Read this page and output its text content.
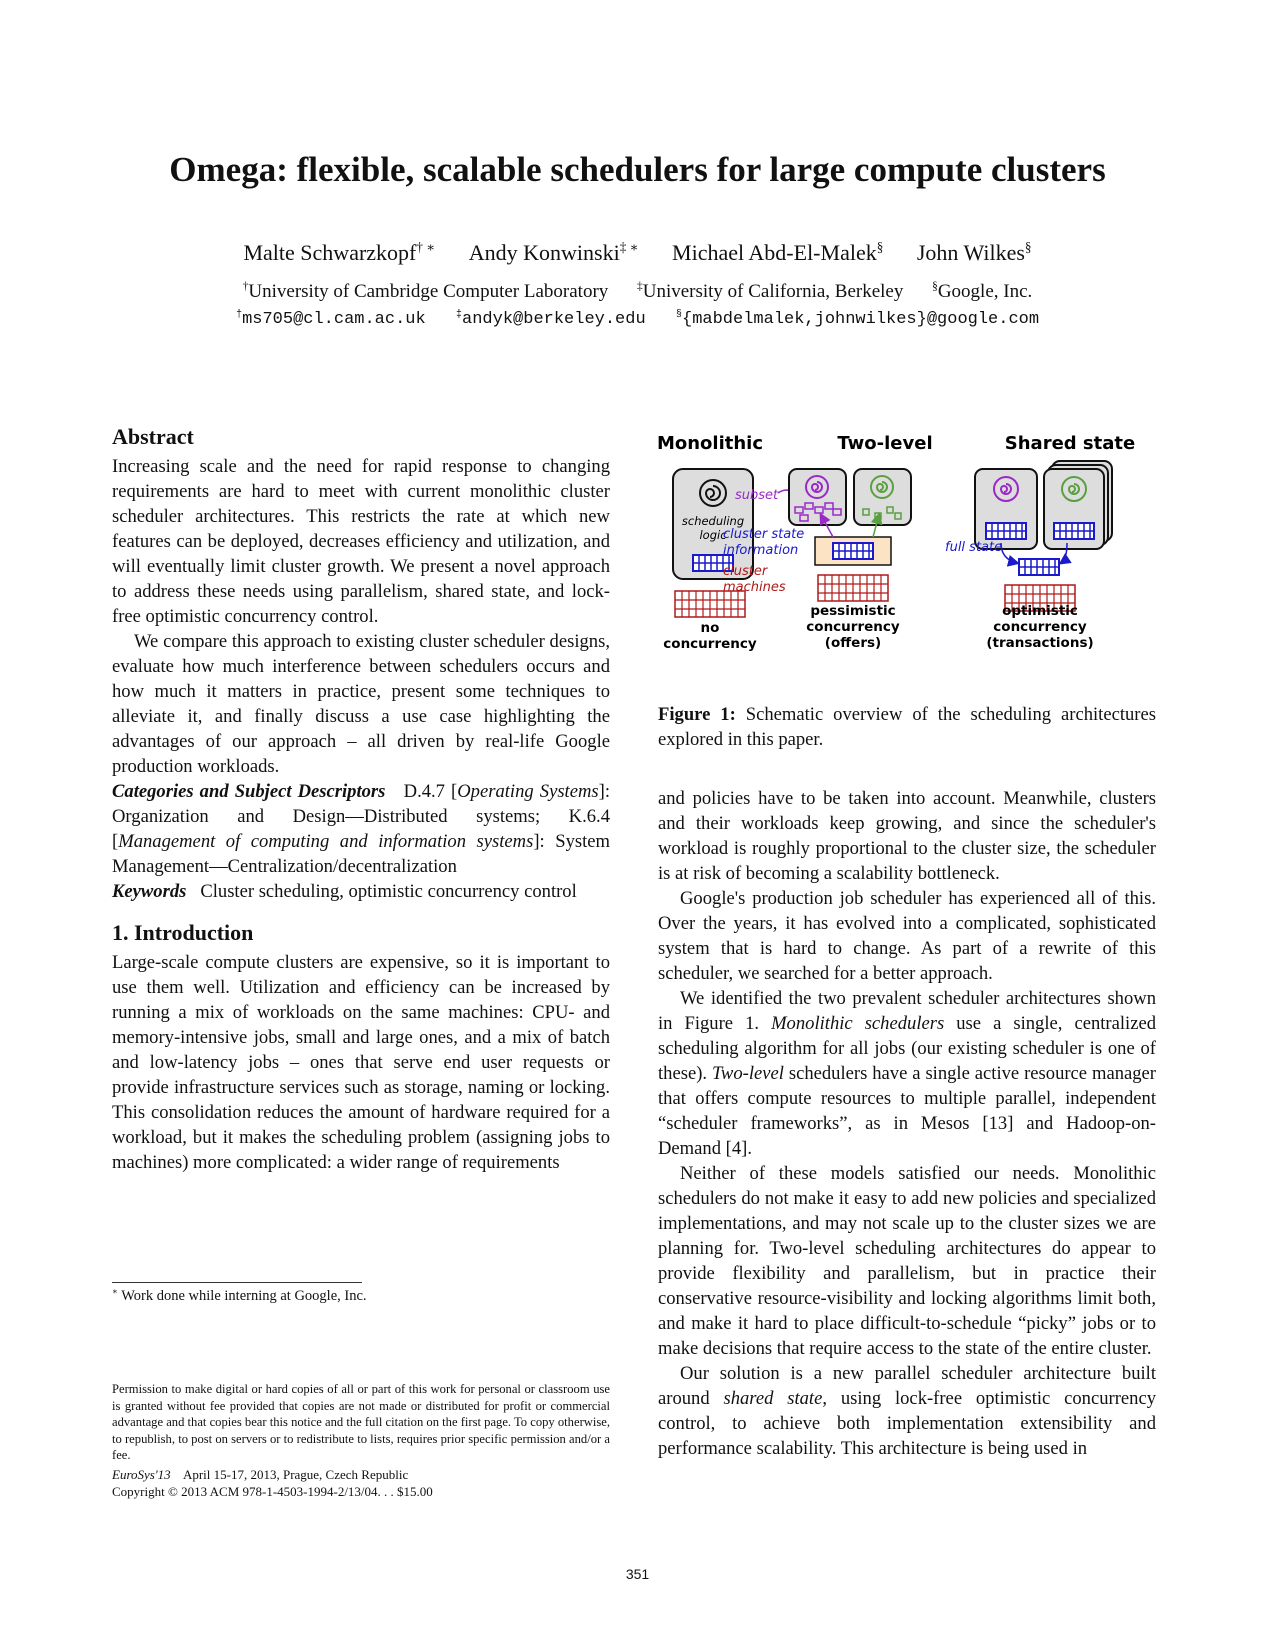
Omega: flexible, scalable schedulers for large compute clusters
Malte Schwarzkopf† ∗ Andy Konwinski‡ ∗ Michael Abd-El-Malek§ John Wilkes§
†University of Cambridge Computer Laboratory	‡University of California, Berkeley	§Google, Inc.
†ms705@cl.cam.ac.uk	‡andyk@berkeley.edu	§{mabdelmalek,johnwilkes}@google.com
Abstract

Increasing scale and the need for rapid response to changing requirements are hard to meet with current monolithic cluster scheduler architectures. This restricts the rate at which new features can be deployed, decreases efficiency and utilization, and will eventually limit cluster growth. We present a novel approach to address these needs using parallelism, shared state, and lock-free optimistic concurrency control.

We compare this approach to existing cluster scheduler designs, evaluate how much interference between schedulers occurs and how much it matters in practice, present some techniques to alleviate it, and finally discuss a use case highlighting the advantages of our approach – all driven by real-life Google production workloads.

Categories and Subject Descriptors D.4.7 [Operating Systems]: Organization and Design—Distributed systems; K.6.4 [Management of computing and information systems]: System Management—Centralization/decentralization

Keywords Cluster scheduling, optimistic concurrency control

1. Introduction

Large-scale compute clusters are expensive, so it is important to use them well. Utilization and efficiency can be increased by running a mix of workloads on the same machines: CPU- and memory-intensive jobs, small and large ones, and a mix of batch and low-latency jobs – ones that serve end user requests or provide infrastructure services such as storage, naming or locking. This consolidation reduces the amount of hardware required for a workload, but it makes the scheduling problem (assigning jobs to machines) more complicated: a wider range of requirements

∗ Work done while interning at Google, Inc.
Permission to make digital or hard copies of all or part of this work for personal or classroom use is granted without fee provided that copies are not made or distributed for profit or commercial advantage and that copies bear this notice and the full citation on the first page. To copy otherwise, to republish, to post on servers or to redistribute to lists, requires prior specific permission and/or a fee.
EuroSys'13 April 15-17, 2013, Prague, Czech Republic
Copyright © 2013 ACM 978-1-4503-1994-2/13/04. . . $15.00
Monolithic	Two-level	Shared state
scheduling
logic
no
concurrency
subset
cluster state
information
cluster
machines
pessimistic
concurrency
(offers)
full state
optimistic
concurrency
(transactions)
Figure 1: Schematic overview of the scheduling architectures explored in this paper.

and policies have to be taken into account. Meanwhile, clusters and their workloads keep growing, and since the scheduler's workload is roughly proportional to the cluster size, the scheduler is at risk of becoming a scalability bottleneck.

Google's production job scheduler has experienced all of this. Over the years, it has evolved into a complicated, sophisticated system that is hard to change. As part of a rewrite of this scheduler, we searched for a better approach.

We identified the two prevalent scheduler architectures shown in Figure 1. Monolithic schedulers use a single, centralized scheduling algorithm for all jobs (our existing scheduler is one of these). Two-level schedulers have a single active resource manager that offers compute resources to multiple parallel, independent “scheduler frameworks”, as in Mesos [13] and Hadoop-on-Demand [4].

Neither of these models satisfied our needs. Monolithic schedulers do not make it easy to add new policies and specialized implementations, and may not scale up to the cluster sizes we are planning for. Two-level scheduling architectures do appear to provide flexibility and parallelism, but in practice their conservative resource-visibility and locking algorithms limit both, and make it hard to place difficult-to-schedule “picky” jobs or to make decisions that require access to the state of the entire cluster.

Our solution is a new parallel scheduler architecture built around shared state, using lock-free optimistic concurrency control, to achieve both implementation extensibility and performance scalability. This architecture is being used in

351
